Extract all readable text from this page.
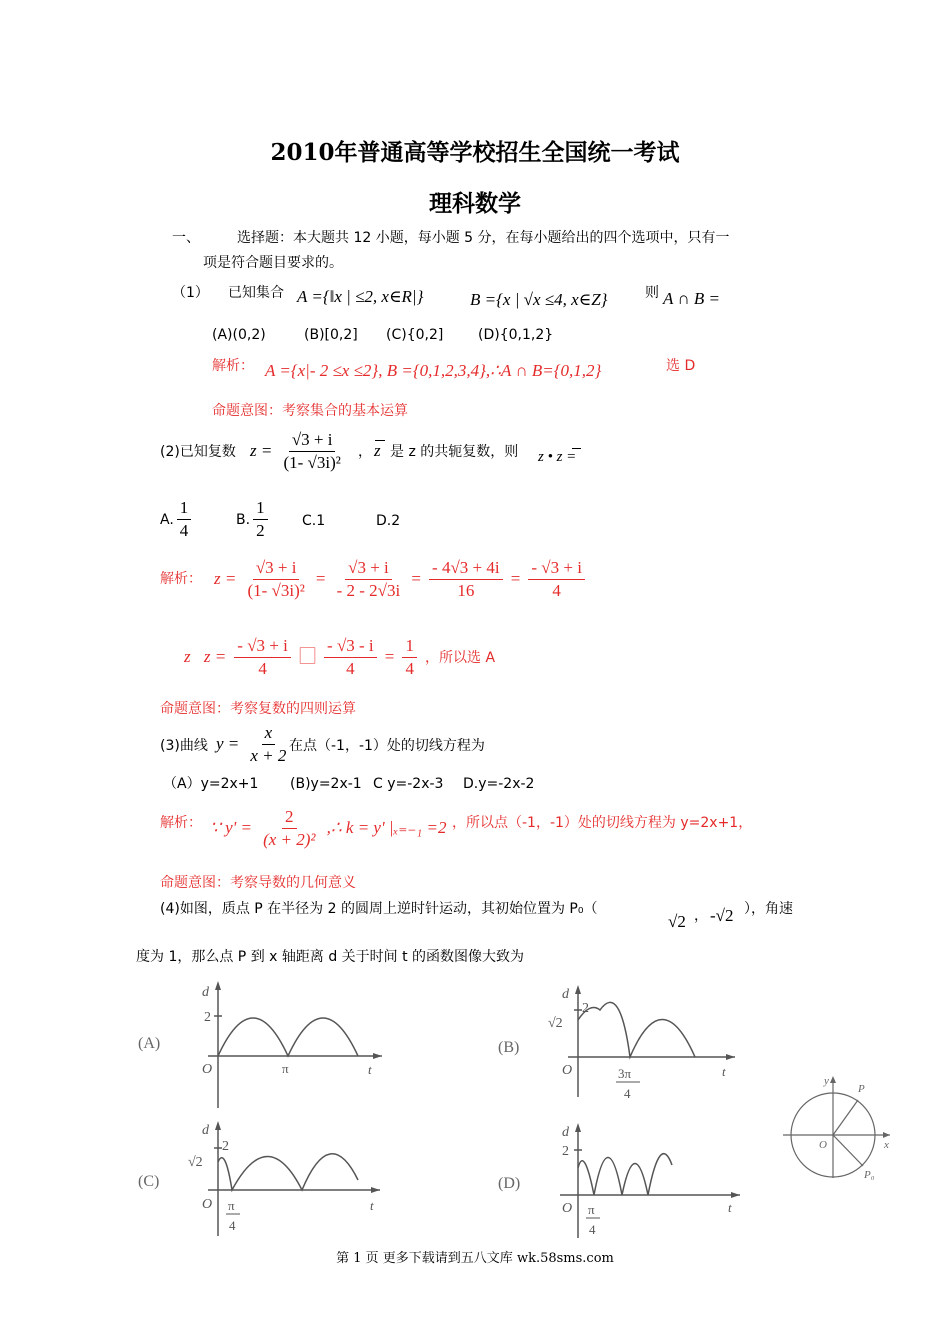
2010年普通高等学校招生全国统一考试
理科数学
一、	选择题：本大题共 12 小题，每小题 5 分，在每小题给出的四个选项中，只有一
项是符合题目要求的。
（1） 已知集合 A ={‖x | ≤2, x∈R|}	B ={x | √x ≤4, x∈Z}	则 A ∩ B =
(A)(0,2)	(B)[0,2] (C){0,2] (D){0,1,2}
解析： A ={x|- 2 ≤x ≤2}, B ={0,1,2,3,4},∴A ∩ B={0,1,2}	选 D
命题意图：考察集合的基本运算
(2)已知复数 $z = \frac{√3 + i}{\text{(1- √3i)²}}$ ， z 是 z 的共轭复数，则 z • z =
A. $\frac{1}{4}$	B. $\frac{1}{2} C.1$	D.2
解析： $z = \frac{√3 + i}{\text{(1- √3i)²}} = \frac{√3 + i}{- 2 - 2√3i} = \frac{- 4√3 + 4i}{16} = \frac{- √3 + i}{4}$
z⃞z = $\frac{- √3 + i}{4}$ ⃞ $\frac{- √3 - i}{4} = \frac{1}{4}$ ，所以选 A
命题意图：考察复数的四则运算
(3)曲线 $y = \frac{x}{x + 2}$ 在点（-1，-1）处的切线方程为
（A）y=2x+1 (B)y=2x-1 C y=-2x-3 D.y=-2x-2
解析： ∵ $y' = \frac{2}{\text{(x + 2)²}}$ ,∴ k = y' |ₓ₌₋₁ =2 ，所以点（-1，-1）处的切线方程为 y=2x+1，
命题意图：考察导数的几何意义
(4)如图，质点 P 在半径为 2 的圆周上逆时针运动，其初始位置为 P₀（
√2 ， -√2 ），角速
度为 1，那么点 P 到 x 轴距离 d 关于时间 t 的函数图像大致为
(A)
d
2
O	π	t
(B)
d
2
√2
O	3π
4
t
(C)
d
2
√2
O π
4
t
(D)
d
2
O π
4
t
y
x
P
P₀
O
第 1 页 更多下载请到五八文库 wk.58sms.com
